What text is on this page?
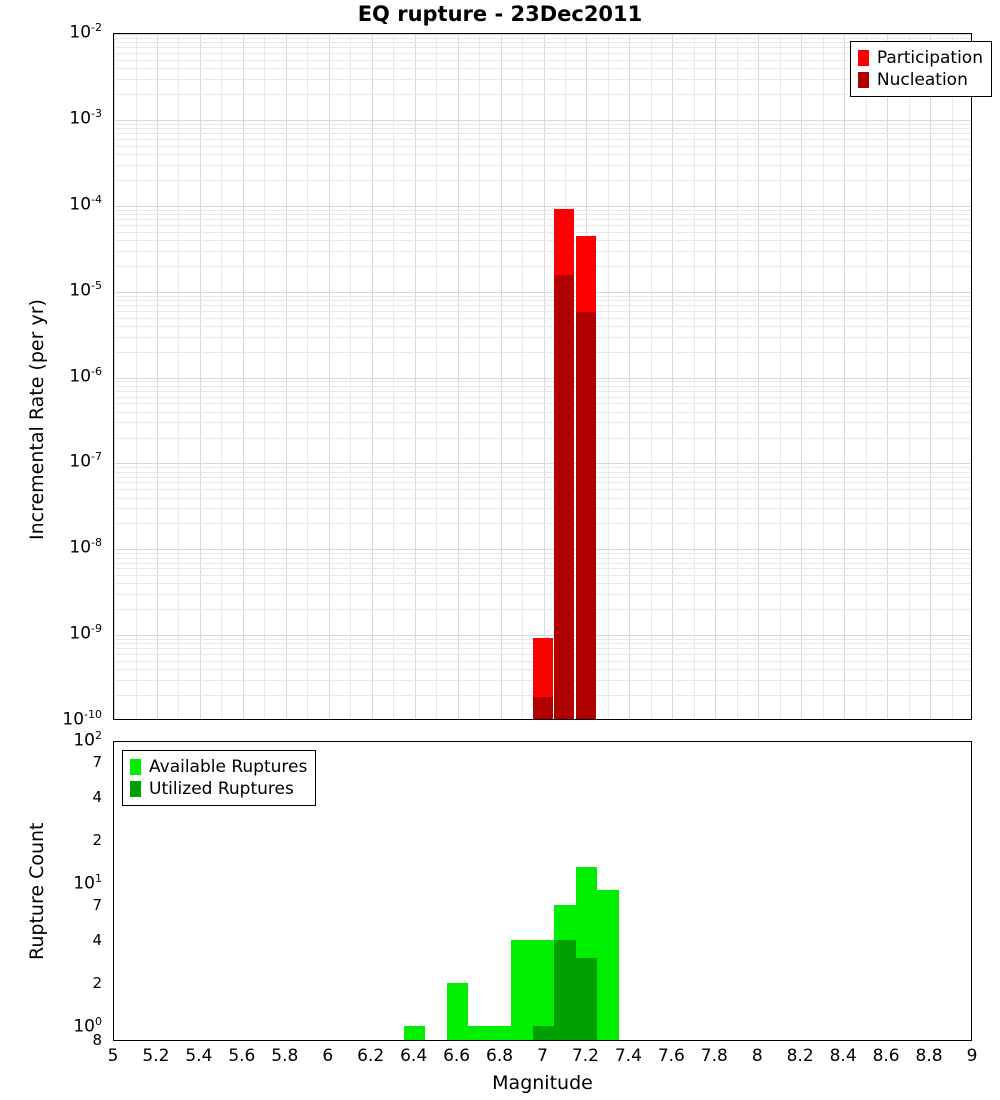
EQ rupture - 23Dec2011
$10^{-2}$
$10^{-3}$
$10^{-4}$
$10^{-5}$
$10^{-6}$
$10^{-7}$
$10^{-8}$
$10^{-9}$
$10^{-10}$
Incremental Rate (per yr)
Participation
Nucleation
$10^2$
7
4
2
$10^1$
7
4
2
$10^0$
8
Rupture Count
Available Ruptures
Utilized Ruptures
5	5.2 5.4 5.6 5.8	6	6.2 6.4 6.6 6.8	7	7.2 7.4 7.6 7.8	8	8.2 8.4 8.6 8.8	9
Magnitude
